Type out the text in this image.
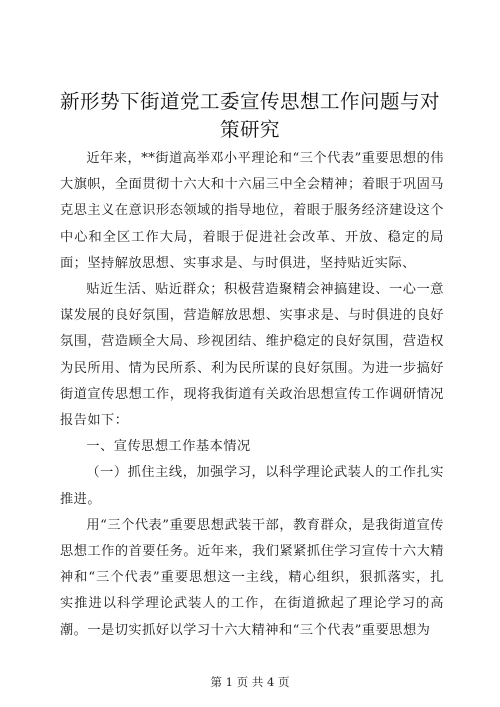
新形势下街道党工委宣传思想工作问题与对策研究

近年来，**街道高举邓小平理论和“三个代表”重要思想的伟大旗帜，全面贯彻十六大和十六届三中全会精神；着眼于巩固马克思主义在意识形态领域的指导地位，着眼于服务经济建设这个中心和全区工作大局，着眼于促进社会改革、开放、稳定的局面；坚持解放思想、实事求是、与时俱进，坚持贴近实际、

贴近生活、贴近群众；积极营造聚精会神搞建设、一心一意谋发展的良好氛围，营造解放思想、实事求是、与时俱进的良好氛围，营造顾全大局、珍视团结、维护稳定的良好氛围，营造权为民所用、情为民所系、利为民所谋的良好氛围。为进一步搞好街道宣传思想工作，现将我街道有关政治思想宣传工作调研情况报告如下：

一、宣传思想工作基本情况

（一）抓住主线，加强学习，以科学理论武装人的工作扎实推进。

用“三个代表”重要思想武装干部，教育群众，是我街道宣传思想工作的首要任务。近年来，我们紧紧抓住学习宣传十六大精神和“三个代表”重要思想这一主线，精心组织，狠抓落实，扎实推进以科学理论武装人的工作，在街道掀起了理论学习的高潮。一是切实抓好以学习十六大精神和“三个代表”重要思想为

第 1 页 共 4 页
